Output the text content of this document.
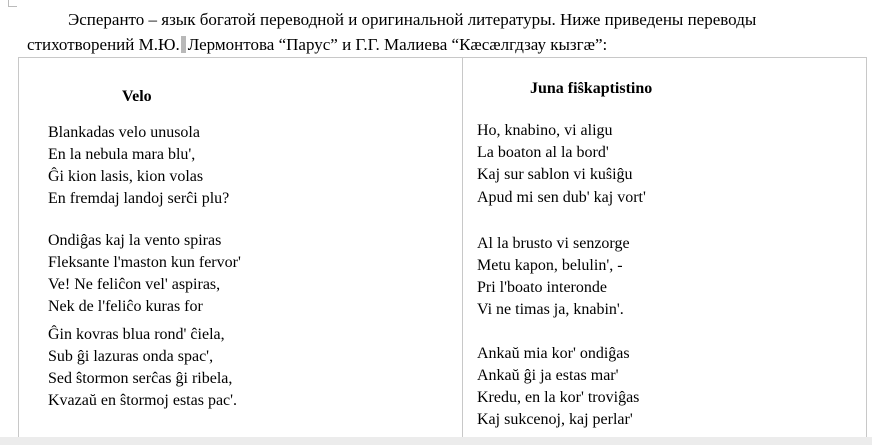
Эсперанто – язык богатой переводной и оригинальной литературы. Ниже приведены переводы
стихотворений М.Ю. Лермонтова “Парус” и Г.Г. Малиева “Кæсæлгдзау кызгæ”:
Velo
Blankadas velo unusola
En la nebula mara blu',
Ĝi kion lasis, kion volas
En fremdaj landoj serĉi plu?
Ondiĝas kaj la vento spiras
Fleksante l'maston kun fervor'
Ve! Ne feliĉon vel' aspiras,
Nek de l'feliĉo kuras for
Ĝin kovras blua rond' ĉiela,
Sub ĝi lazuras onda spac',
Sed ŝtormon serĉas ĝi ribela,
Kvazaŭ en ŝtormoj estas pac'.
Juna fiŝkaptistino
Ho, knabino, vi aligu
La boaton al la bord'
Kaj sur sablon vi kuŝiĝu
Apud mi sen dub' kaj vort'
Al la brusto vi senzorge
Metu kapon, belulin', -
Pri l'boato interonde
Vi ne timas ja, knabin'.
Ankaŭ mia kor' ondiĝas
Ankaŭ ĝi ja estas mar'
Kredu, en la kor' troviĝas
Kaj sukcenoj, kaj perlar'
